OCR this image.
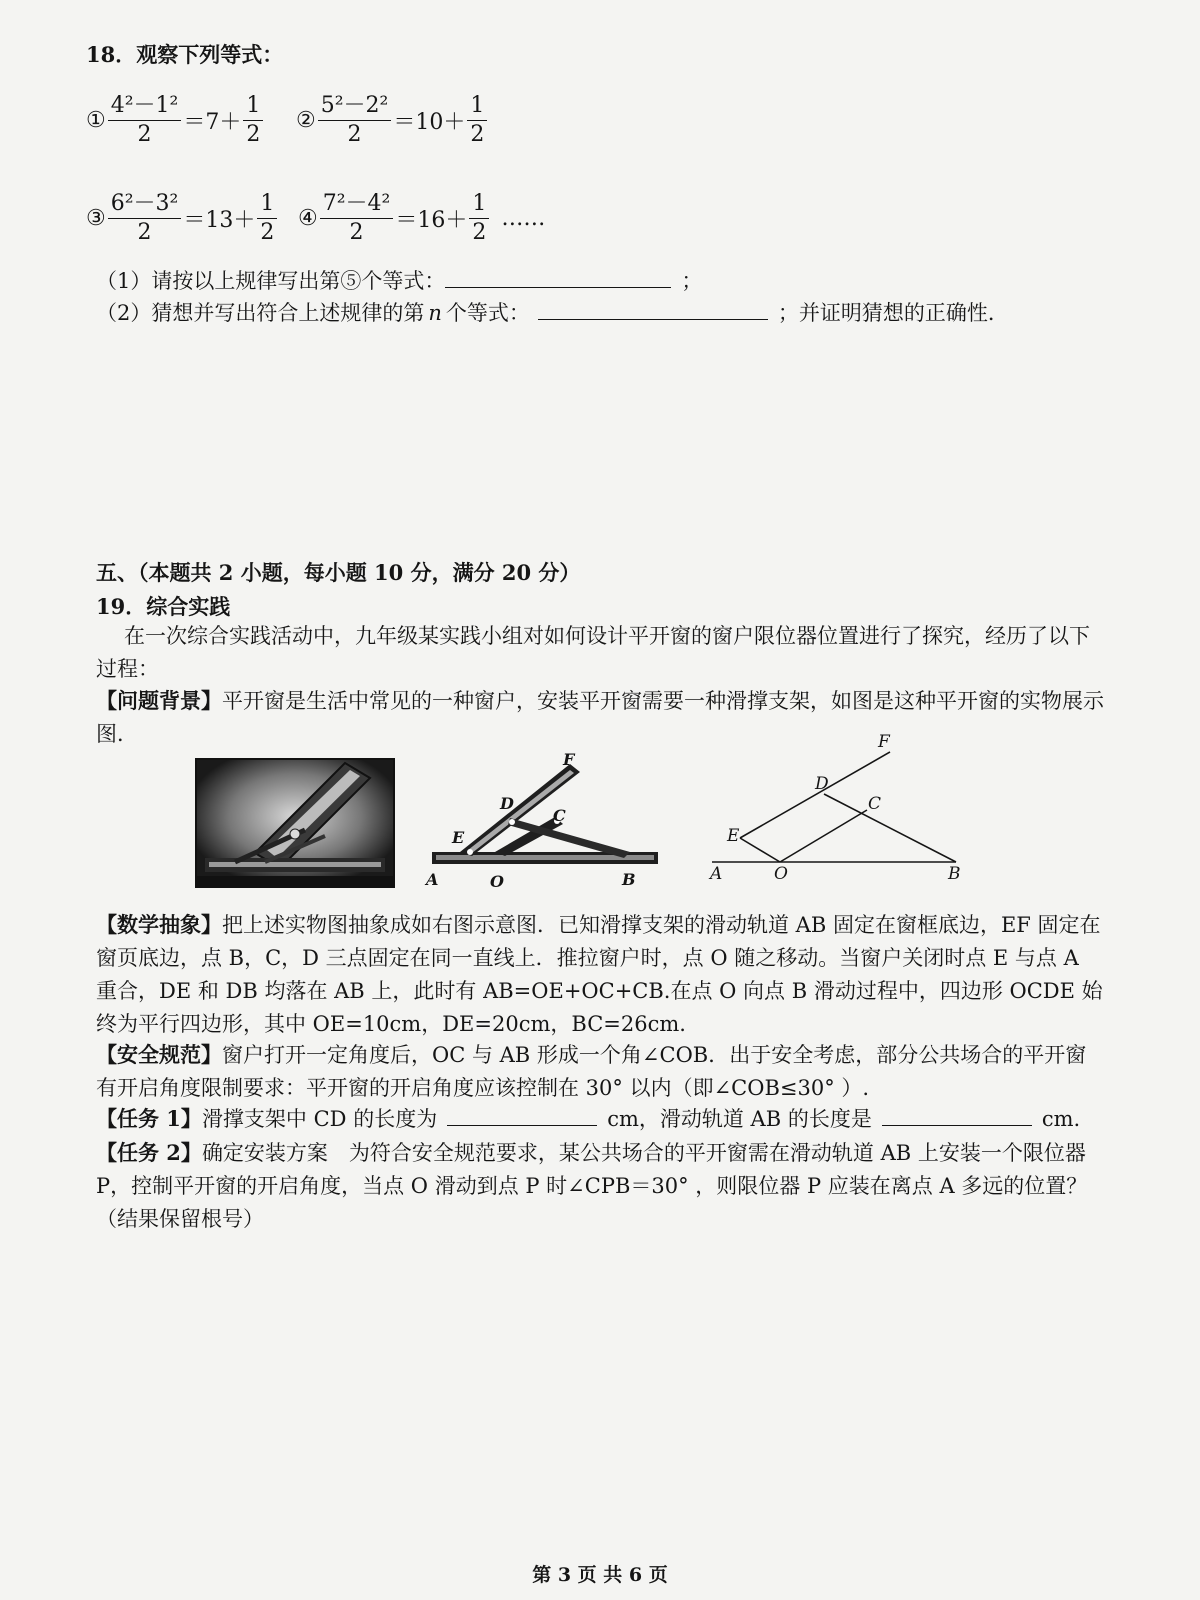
18．观察下列等式：
① $\frac{\text{4²－1²}}{2} =7+ \frac{1}{2}$ ② $\frac{\text{5²－2²}}{2} =10+ \frac{1}{2}$
③ $\frac{\text{6²－3²}}{2} =13+ \frac{1}{2}$ ④ $\frac{\text{7²－4²}}{2} =16+ \frac{1}{2}$ ……
（1）请按以上规律写出第⑤个等式：	；
（2）猜想并写出符合上述规律的第 n 个等式：	；并证明猜想的正确性．
五、（本题共 2 小题，每小题 10 分，满分 20 分）
19．综合实践
在一次综合实践活动中，九年级某实践小组对如何设计平开窗的窗户限位器位置进行了探究，经历了以下过程：
【问题背景】平开窗是生活中常见的一种窗户，安装平开窗需要一种滑撑支架，如图是这种平开窗的实物展示图．
F
D
C
E
A	O	B
F
D
C
E
A	O	B
【数学抽象】把上述实物图抽象成如右图示意图．已知滑撑支架的滑动轨道 AB 固定在窗框底边，EF 固定在窗页底边，点 B，C，D 三点固定在同一直线上．推拉窗户时，点 O 随之移动。当窗户关闭时点 E 与点 A 重合，DE 和 DB 均落在 AB 上，此时有 AB=OE+OC+CB.在点 O 向点 B 滑动过程中，四边形 OCDE 始终为平行四边形，其中 OE=10cm，DE=20cm，BC=26cm.
【安全规范】窗户打开一定角度后，OC 与 AB 形成一个角∠COB．出于安全考虑，部分公共场合的平开窗有开启角度限制要求：平开窗的开启角度应该控制在 30° 以内（即∠COB≤30° ）.
【任务 1】滑撑支架中 CD 的长度为	cm，滑动轨道 AB 的长度是	cm.
【任务 2】确定安装方案　为符合安全规范要求，某公共场合的平开窗需在滑动轨道 AB 上安装一个限位器 P，控制平开窗的开启角度，当点 O 滑动到点 P 时∠CPB＝30° ，则限位器 P 应装在离点 A 多远的位置？（结果保留根号）
第 3 页 共 6 页
